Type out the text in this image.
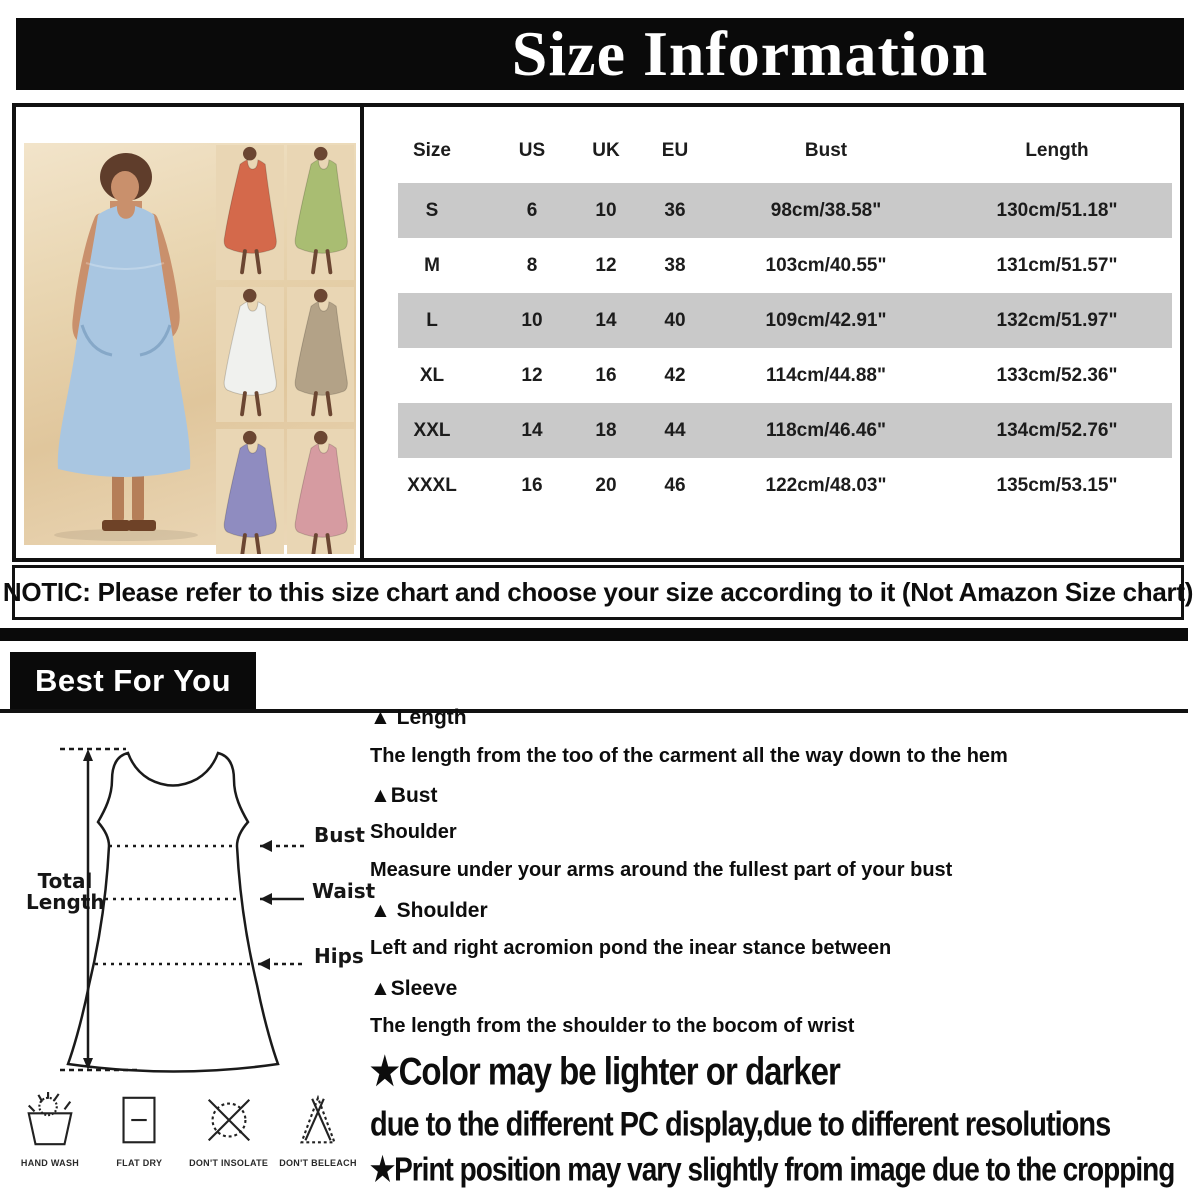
Size Information
Size	US	UK	EU	Bust	Length
S	6	10	36	98cm/38.58"	130cm/51.18"
M	8	12	38	103cm/40.55"	131cm/51.57"
L	10	14	40	109cm/42.91"	132cm/51.97"
XL	12	16	42	114cm/44.88"	133cm/52.36"
XXL	14	18	44	118cm/46.46"	134cm/52.76"
XXXL	16	20	46	122cm/48.03"	135cm/53.15"
NOTIC: Please refer to this size chart and choose your size according to it (Not Amazon Size chart)
Best For You
Total Length
Bust
Waist
Hips
HAND WASH	FLAT DRY	DON'T INSOLATE DON'T BELEACH
▲ Length
The length from the too of the carment all the way down to the hem
▲Bust
Shoulder
Measure under your arms around the fullest part of your bust
▲ Shoulder
Left and right acromion pond the inear stance between
▲Sleeve
The length from the shoulder to the bocom of wrist
★Color may be lighter or darker
due to the different PC display,due to different resolutions
★Print position may vary slightly from image due to the cropping
